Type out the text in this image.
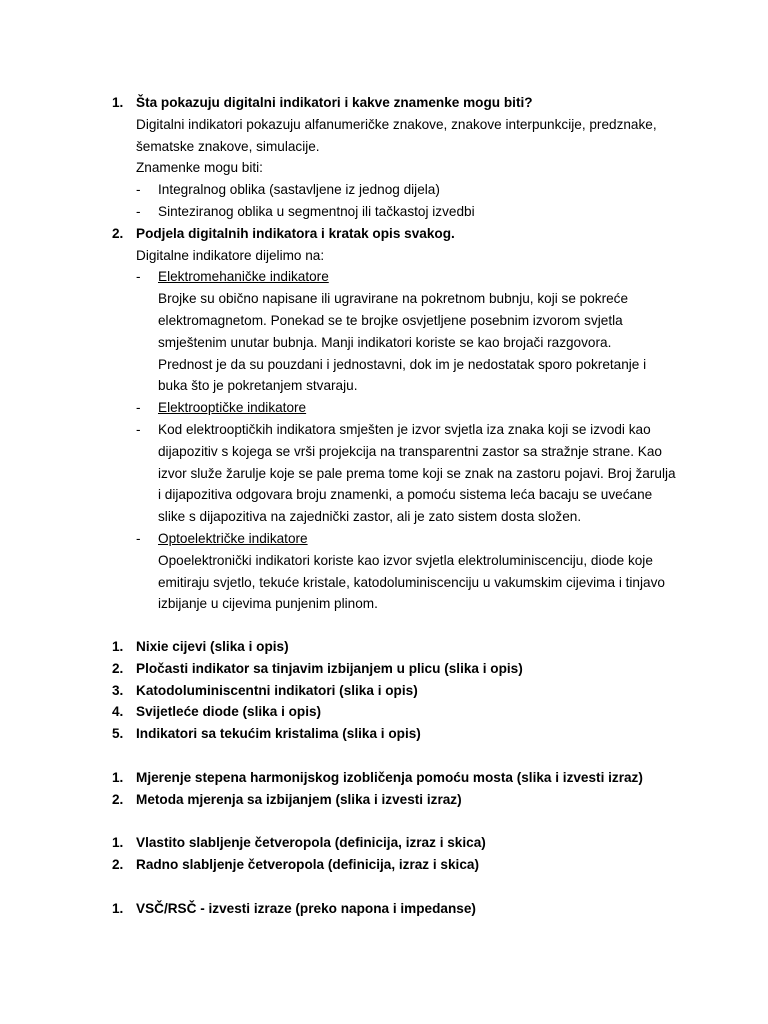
1. Šta pokazuju digitalni indikatori i kakve znamenke mogu biti?
Digitalni indikatori pokazuju alfanumeričke znakove, znakove interpunkcije, predznake,
šematske znakove, simulacije.
Znamenke mogu biti:
- Integralnog oblika (sastavljene iz jednog dijela)
- Sinteziranog oblika u segmentnoj ili tačkastoj izvedbi
2. Podjela digitalnih indikatora i kratak opis svakog.
Digitalne indikatore dijelimo na:
- Elektromehaničke indikatore
Brojke su obično napisane ili ugravirane na pokretnom bubnju, koji se pokreće
elektromagnetom. Ponekad se te brojke osvjetljene posebnim izvorom svjetla
smještenim unutar bubnja. Manji indikatori koriste se kao brojači razgovora.
Prednost je da su pouzdani i jednostavni, dok im je nedostatak sporo pokretanje i
buka što je pokretanjem stvaraju.
- Elektrooptičke indikatore
- Kod elektrooptičkih indikatora smješten je izvor svjetla iza znaka koji se izvodi kao
dijapozitiv s kojega se vrši projekcija na transparentni zastor sa stražnje strane. Kao
izvor služe žarulje koje se pale prema tome koji se znak na zastoru pojavi. Broj žarulja
i dijapozitiva odgovara broju znamenki, a pomoću sistema leća bacaju se uvećane
slike s dijapozitiva na zajednički zastor, ali je zato sistem dosta složen.
- Optoelektričke indikatore
Opoelektronički indikatori koriste kao izvor svjetla elektroluminiscenciju, diode koje
emitiraju svjetlo, tekuće kristale, katodoluminiscenciju u vakumskim cijevima i tinjavo
izbijanje u cijevima punjenim plinom.
1. Nixie cijevi (slika i opis)
2. Pločasti indikator sa tinjavim izbijanjem u plicu (slika i opis)
3. Katodoluminiscentni indikatori (slika i opis)
4. Svijetleće diode (slika i opis)
5. Indikatori sa tekućim kristalima (slika i opis)
1. Mjerenje stepena harmonijskog izobličenja pomoću mosta (slika i izvesti izraz)
2. Metoda mjerenja sa izbijanjem (slika i izvesti izraz)
1. Vlastito slabljenje četveropola (definicija, izraz i skica)
2. Radno slabljenje četveropola (definicija, izraz i skica)
1. VSČ/RSČ - izvesti izraze (preko napona i impedanse)
